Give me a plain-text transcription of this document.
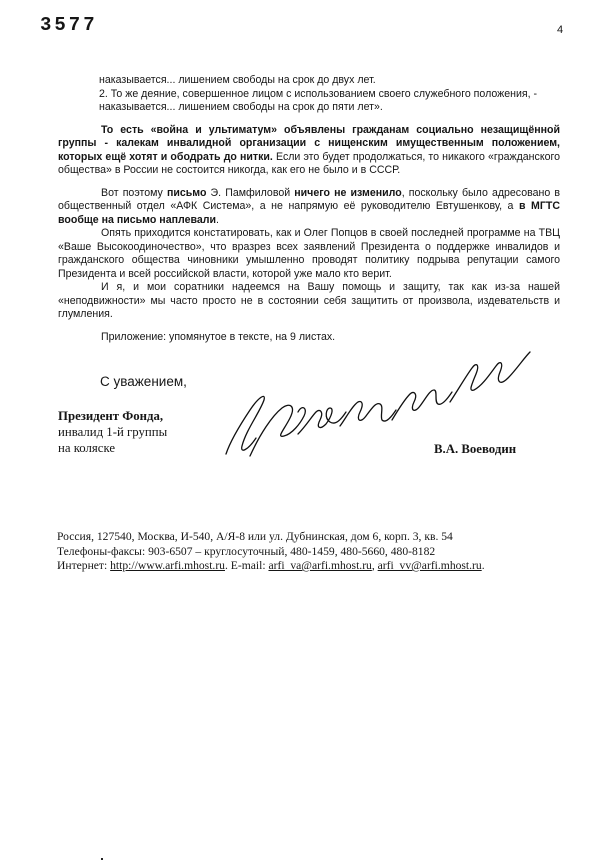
3577	4

наказывается... лишением свободы на срок до двух лет.

2. То же деяние, совершенное лицом с использованием своего служебного положения, -

наказывается... лишением свободы на срок до пяти лет».

То есть «война и ультиматум» объявлены гражданам социально незащищённой группы - калекам инвалидной организации с нищенским имущественным положением, которых ещё хотят и ободрать до нитки. Если это будет продолжаться, то никакого «гражданского общества» в России не состоится никогда, как его не было и в СССР.

Вот поэтому письмо Э. Памфиловой ничего не изменило, поскольку было адресовано в общественный отдел «АФК Система», а не напрямую её руководителю Евтушенкову, а в МГТС вообще на письмо наплевали.

Опять приходится констатировать, как и Олег Попцов в своей последней программе на ТВЦ «Ваше Высокоодиночество», что вразрез всех заявлений Президента о поддержке инвалидов и гражданского общества чиновники умышленно проводят политику подрыва репутации самого Президента и всей российской власти, которой уже мало кто верит.

И я, и мои соратники надеемся на Вашу помощь и защиту, так как из-за нашей «неподвижности» мы часто просто не в состоянии себя защитить от произвола, издевательств и глумления.

Приложение: упомянутое в тексте, на 9 листах.

С уважением,
Президент Фонда,
инвалид 1-й группы
на коляске	В.А. Воеводин
Россия, 127540, Москва, И-540, А/Я-8 или ул. Дубнинская, дом 6, корп. 3, кв. 54
Телефоны-факсы: 903-6507 – круглосуточный, 480-1459, 480-5660, 480-8182
Интернет: http://www.arfi.mhost.ru. E-mail: arfi_va@arfi.mhost.ru, arfi_vv@arfi.mhost.ru.
